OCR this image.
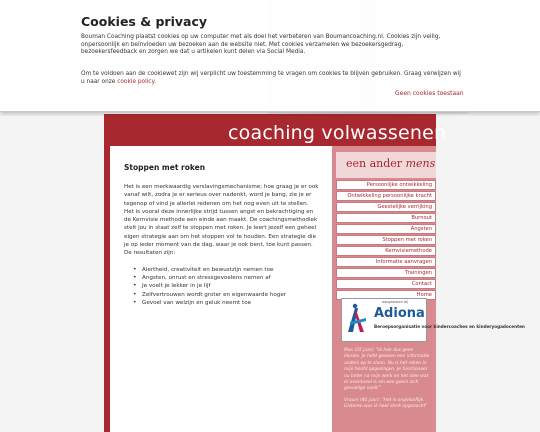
coaching volwassenen
Stoppen met roken

Het is een merkwaardig verslavingsmechanisme; hoe graag je er ook vanaf wilt, zodra je er serieus over nadenkt, word je bang, zie je er tegenop of vind je allerlei redenen om het nog even uit te stellen. Het is vooral deze innerlijke strijd tussen angst en bekrachtiging en de Kernvisie methode een einde aan maakt. De coachingsmethodiek stelt jou in staat zelf te stoppen met roken. Je leert jezelf een geheel eigen strategie aan om het stoppen vol te houden. Een strategie die je op ieder moment van de dag, waar je ook bent, toe kunt passen. De resultaten zijn:

• Alertheid, creativiteit en bewustzijn nemen toe
• Angsten, onrust en stressgevoelens nemen af
• Je voelt je lekker in je lijf
• Zelfvertrouwen wordt groter en eigenwaarde hoger
• Gevoel van welzijn en geluk neemt toe
een ander mens
Persoonlijke ontwikkeling
Ontwikkeling persoonlijke kracht
Geestelijke verrijking
Burnout
Angsten
Stoppen met roken
Kernvisiemethode
Informatie aanvragen
Trainingen
Contact
Home
aangesloten bij
Adiona
Beroepsorganisatie voor kindercoaches en kinderyogadocenten
Max (35 jaar): "Ik heb dus geen illusies. Je hebt gewoon een informatie anders op te slaan. Nu is het roken in mijn hoofd opgeslagen. Je functioneer nu beter na mijn werk en het idee wat er eventueel is om een goein zich gevoelige voelt."
Vroum (40 jaar): "Het is ongelooflijk. Gisteren was ik heel sterk opgezocht"
Cookies & privacy
Bouman Coaching plaatst cookies op uw computer met als doel het verbeteren van Boumancoaching.nl. Cookies zijn veilig, onpersoonlijk en beïnvloeden uw bezoeken aan de website niet. Met cookies verzamelen we bezoekersgedrag, bezoekersfeedback en zorgen we dat u artikelen kunt delen via Social Media.
Om te voldoen aan de cookiewet zijn wij verplicht uw toestemming te vragen om cookies te blijven gebruiken. Graag verwijzen wij u naar onze cookie policy.
Geen cookies toestaan
